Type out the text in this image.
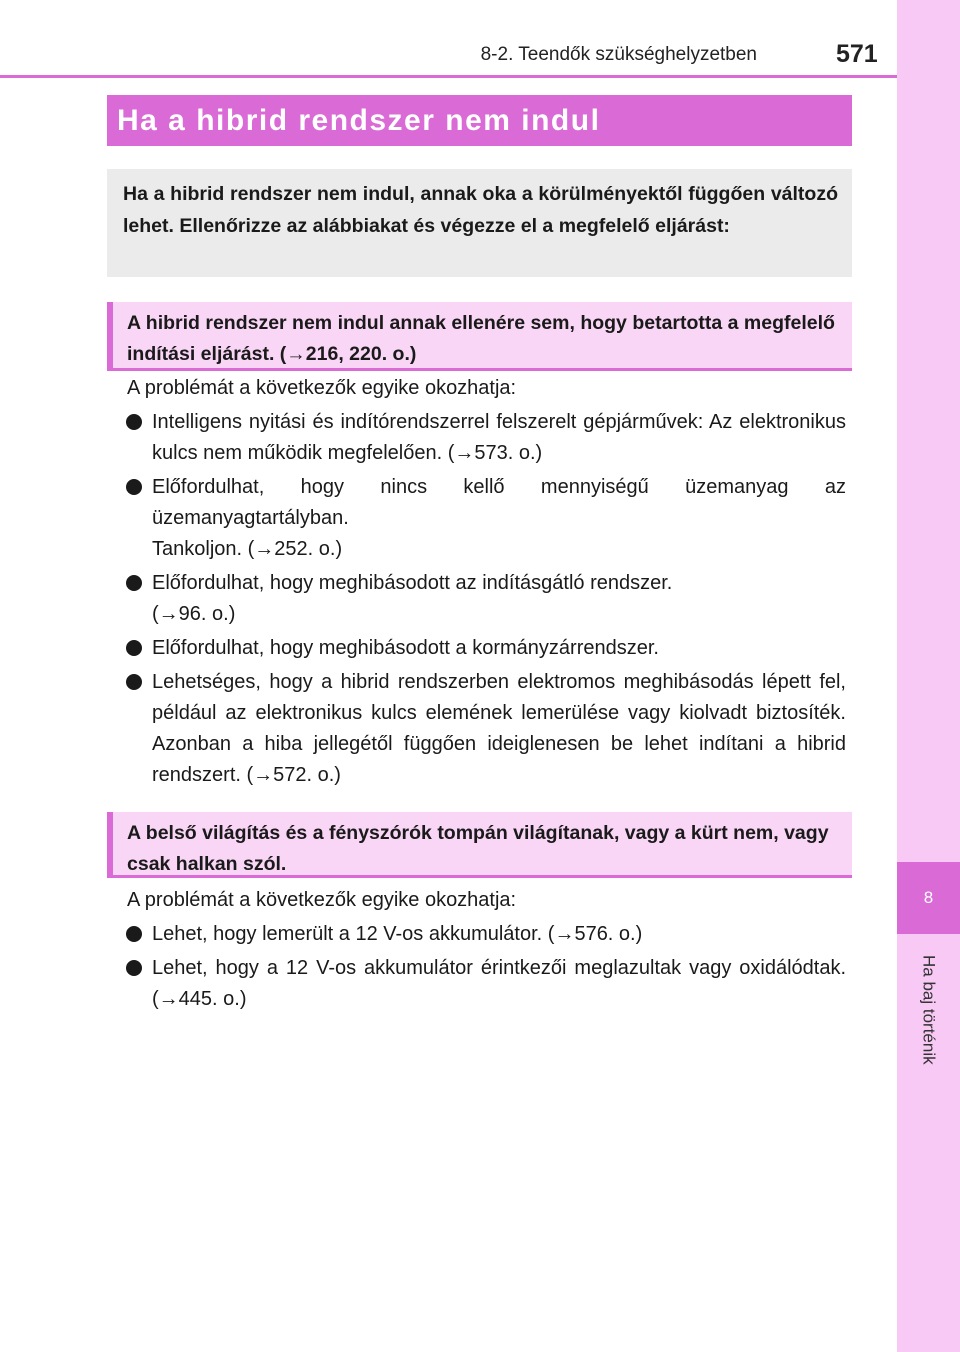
8
Ha baj történik
8-2. Teendők szükséghelyzetben	571
Ha a hibrid rendszer nem indul
Ha a hibrid rendszer nem indul, annak oka a körülményektől függően változó lehet. Ellenőrizze az alábbiakat és végezze el a megfelelő eljárást:
A hibrid rendszer nem indul annak ellenére sem, hogy betartotta a megfelelő indítási eljárást. (→216, 220. o.)
A problémát a következők egyike okozhatja:
Intelligens nyitási és indítórendszerrel felszerelt gépjárművek: Az elektronikus kulcs nem működik megfelelően. (→573. o.)
Előfordulhat, hogy nincs kellő mennyiségű üzemanyag az üzemanyagtartályban.
Tankoljon. (→252. o.)
Előfordulhat, hogy meghibásodott az indításgátló rendszer.
(→96. o.)
Előfordulhat, hogy meghibásodott a kormányzárrendszer.
Lehetséges, hogy a hibrid rendszerben elektromos meghibásodás lépett fel, például az elektronikus kulcs elemének lemerülése vagy kiolvadt biztosíték. Azonban a hiba jellegétől függően ideiglenesen be lehet indítani a hibrid rendszert. (→572. o.)
A belső világítás és a fényszórók tompán világítanak, vagy a kürt nem, vagy csak halkan szól.
A problémát a következők egyike okozhatja:
Lehet, hogy lemerült a 12 V-os akkumulátor. (→576. o.)
Lehet, hogy a 12 V-os akkumulátor érintkezői meglazultak vagy oxidálódtak. (→445. o.)
